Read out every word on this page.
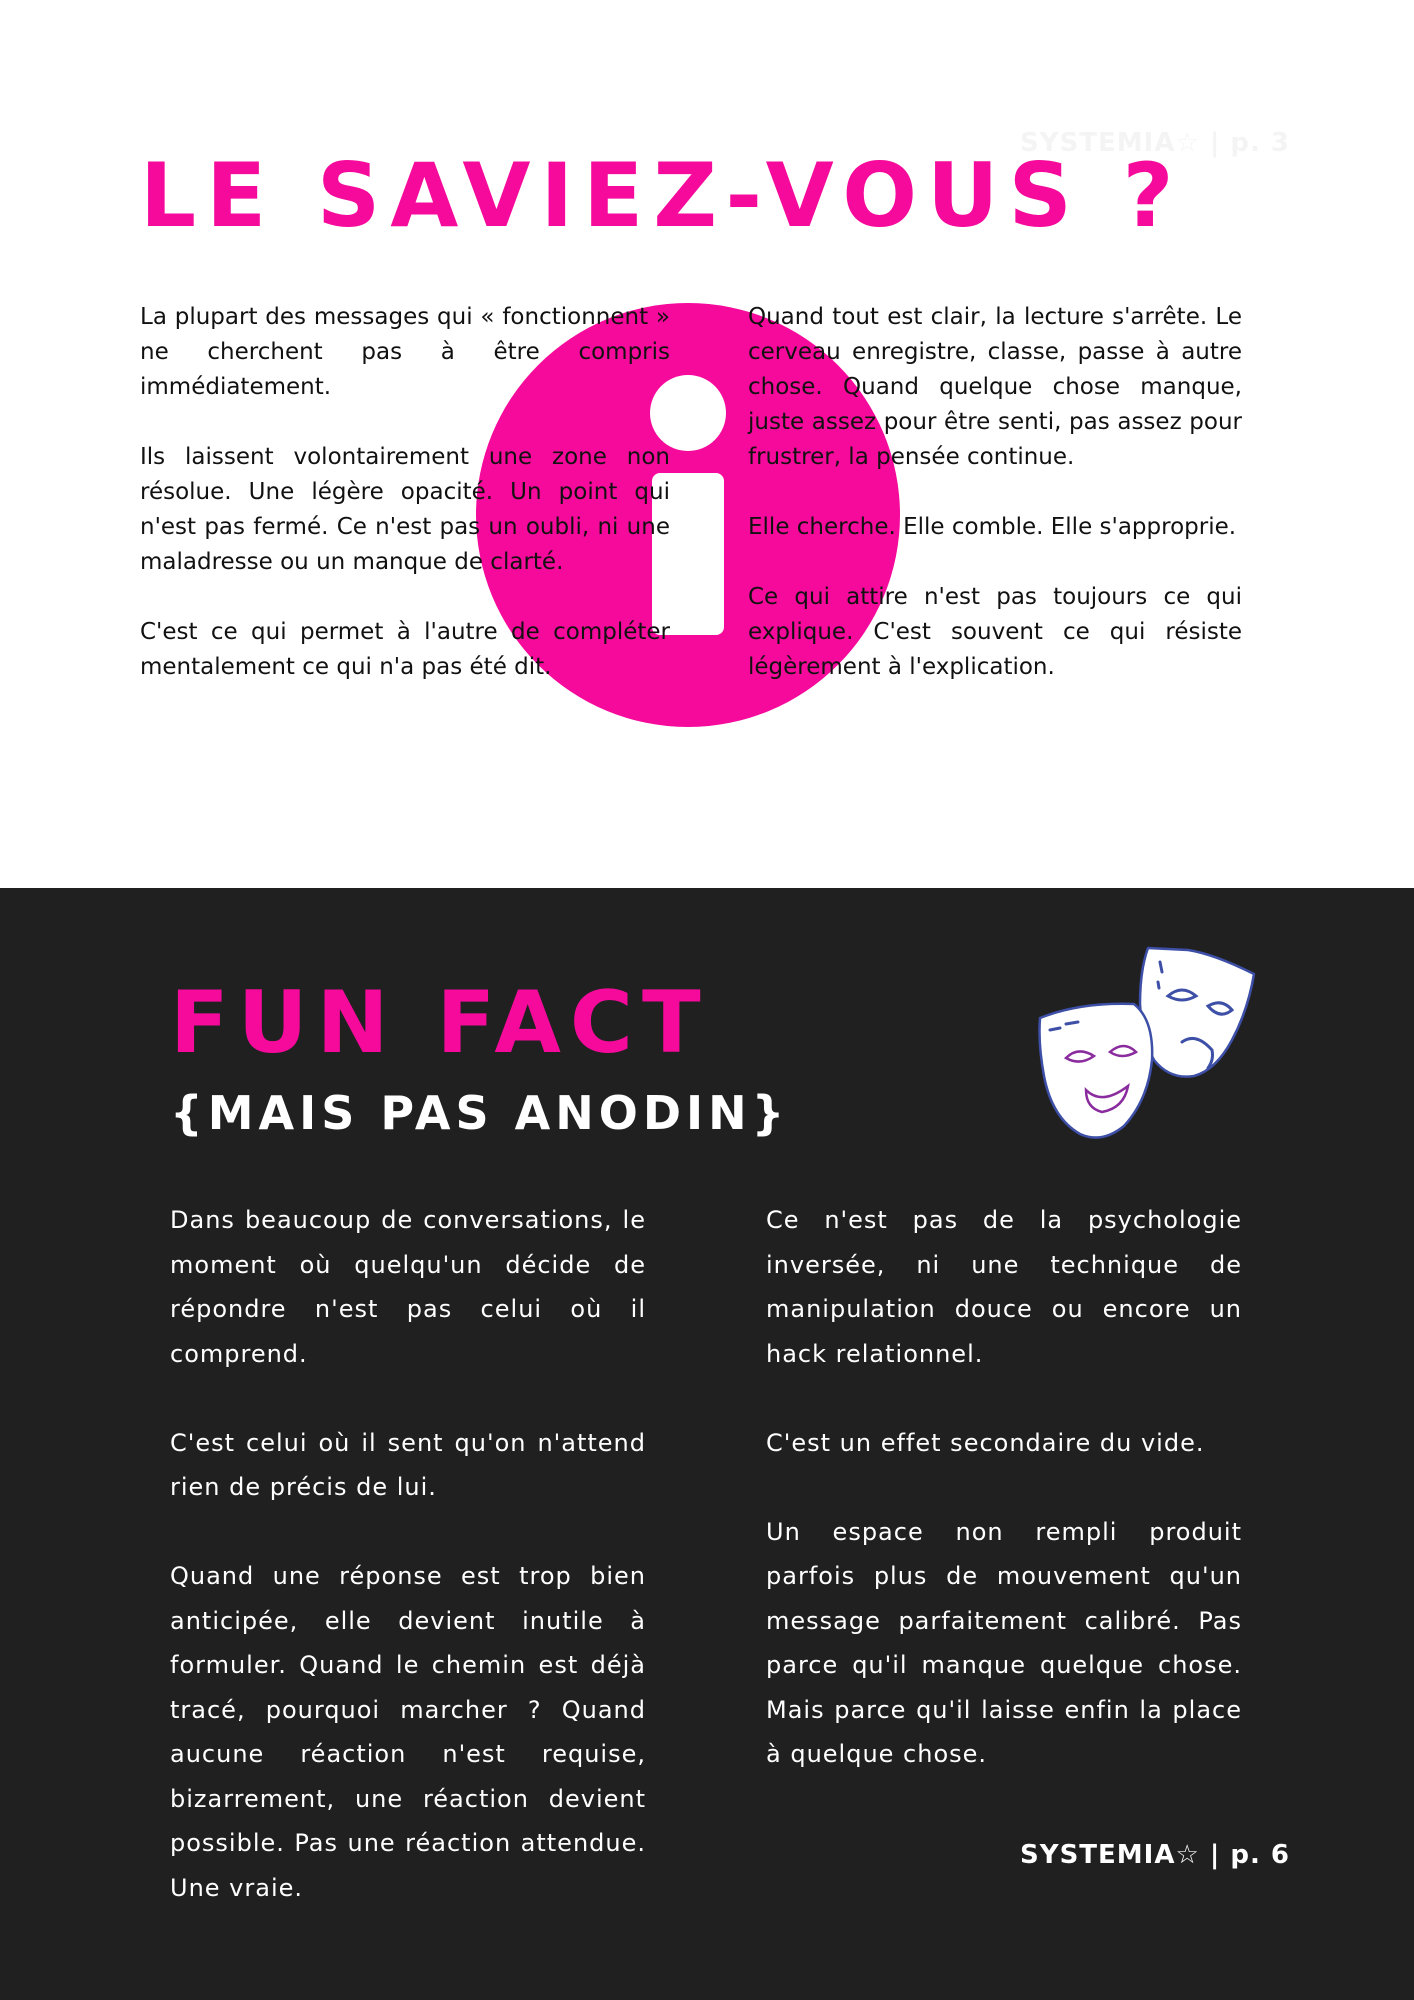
SYSTEMIA☆ | p. 3
LE SAVIEZ-VOUS ?

La plupart des messages qui « fonctionnent » ne cherchent pas à être compris immédiatement.

Ils laissent volontairement une zone non résolue. Une légère opacité. Un point qui n'est pas fermé. Ce n'est pas un oubli, ni une maladresse ou un manque de clarté.

C'est ce qui permet à l'autre de compléter mentalement ce qui n'a pas été dit.

Quand tout est clair, la lecture s'arrête. Le cerveau enregistre, classe, passe à autre chose. Quand quelque chose manque, juste assez pour être senti, pas assez pour frustrer, la pensée continue.

Elle cherche. Elle comble. Elle s'approprie.

Ce qui attire n'est pas toujours ce qui explique. C'est souvent ce qui résiste légèrement à l'explication.

FUN FACT
{MAIS PAS ANODIN}

Dans beaucoup de conversations, le moment où quelqu'un décide de répondre n'est pas celui où il comprend.

C'est celui où il sent qu'on n'attend rien de précis de lui.

Quand une réponse est trop bien anticipée, elle devient inutile à formuler. Quand le chemin est déjà tracé, pourquoi marcher ? Quand aucune réaction n'est requise, bizarrement, une réaction devient possible. Pas une réaction attendue. Une vraie.

Ce n'est pas de la psychologie inversée, ni une technique de manipulation douce ou encore un hack relationnel.

C'est un effet secondaire du vide.

Un espace non rempli produit parfois plus de mouvement qu'un message parfaitement calibré. Pas parce qu'il manque quelque chose. Mais parce qu'il laisse enfin la place à quelque chose.

SYSTEMIA☆ | p. 6
